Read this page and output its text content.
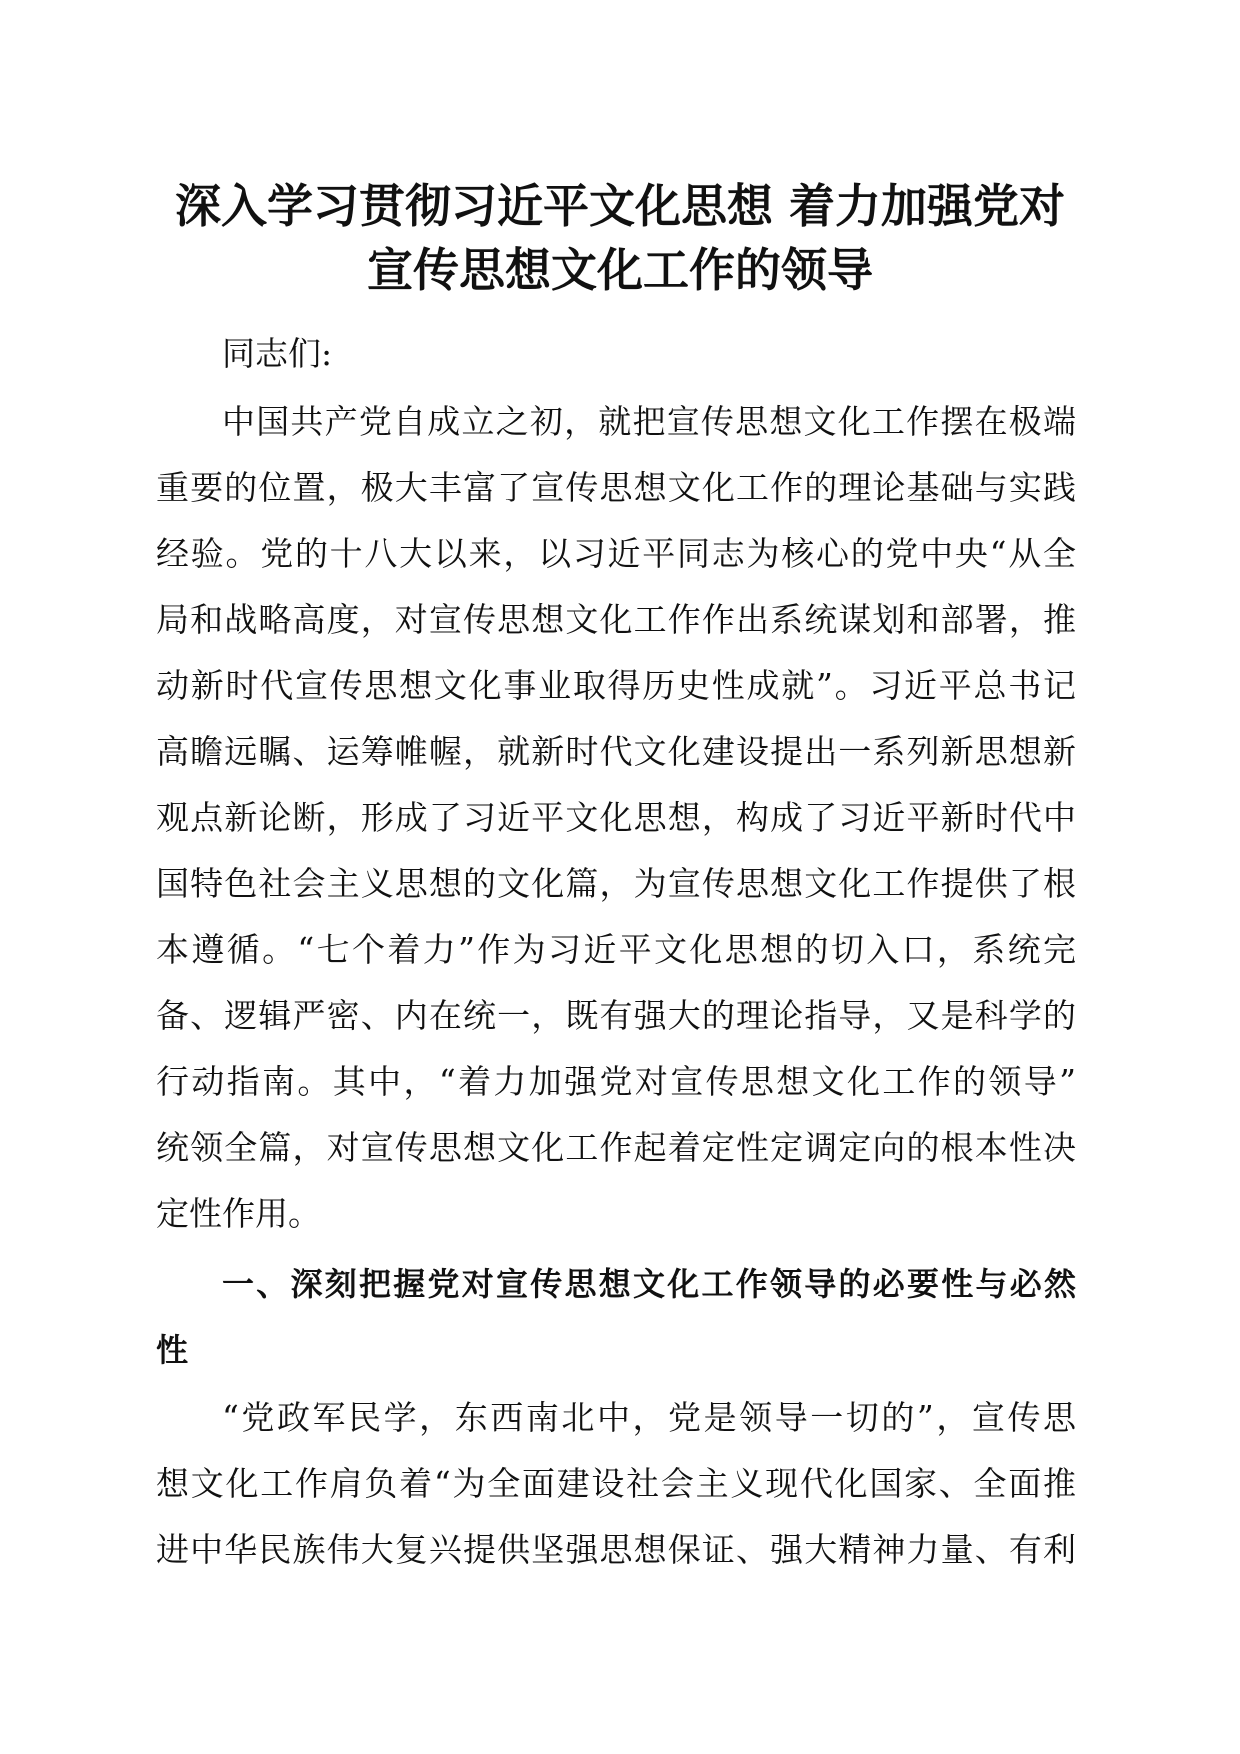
深入学习贯彻习近平文化思想 着力加强党对
宣传思想文化工作的领导
同志们:
中国共产党自成立之初，就把宣传思想文化工作摆在极端
重要的位置，极大丰富了宣传思想文化工作的理论基础与实践
经验。党的十八大以来，以习近平同志为核心的党中央“从全
局和战略高度，对宣传思想文化工作作出系统谋划和部署，推
动新时代宣传思想文化事业取得历史性成就”。习近平总书记
高瞻远瞩、运筹帷幄，就新时代文化建设提出一系列新思想新
观点新论断，形成了习近平文化思想，构成了习近平新时代中
国特色社会主义思想的文化篇，为宣传思想文化工作提供了根
本遵循。“七个着力”作为习近平文化思想的切入口，系统完
备、逻辑严密、内在统一，既有强大的理论指导，又是科学的
行动指南。其中，“着力加强党对宣传思想文化工作的领导”
统领全篇，对宣传思想文化工作起着定性定调定向的根本性决
定性作用。
一、深刻把握党对宣传思想文化工作领导的必要性与必然
性
“党政军民学，东西南北中，党是领导一切的”，宣传思
想文化工作肩负着“为全面建设社会主义现代化国家、全面推
进中华民族伟大复兴提供坚强思想保证、强大精神力量、有利
